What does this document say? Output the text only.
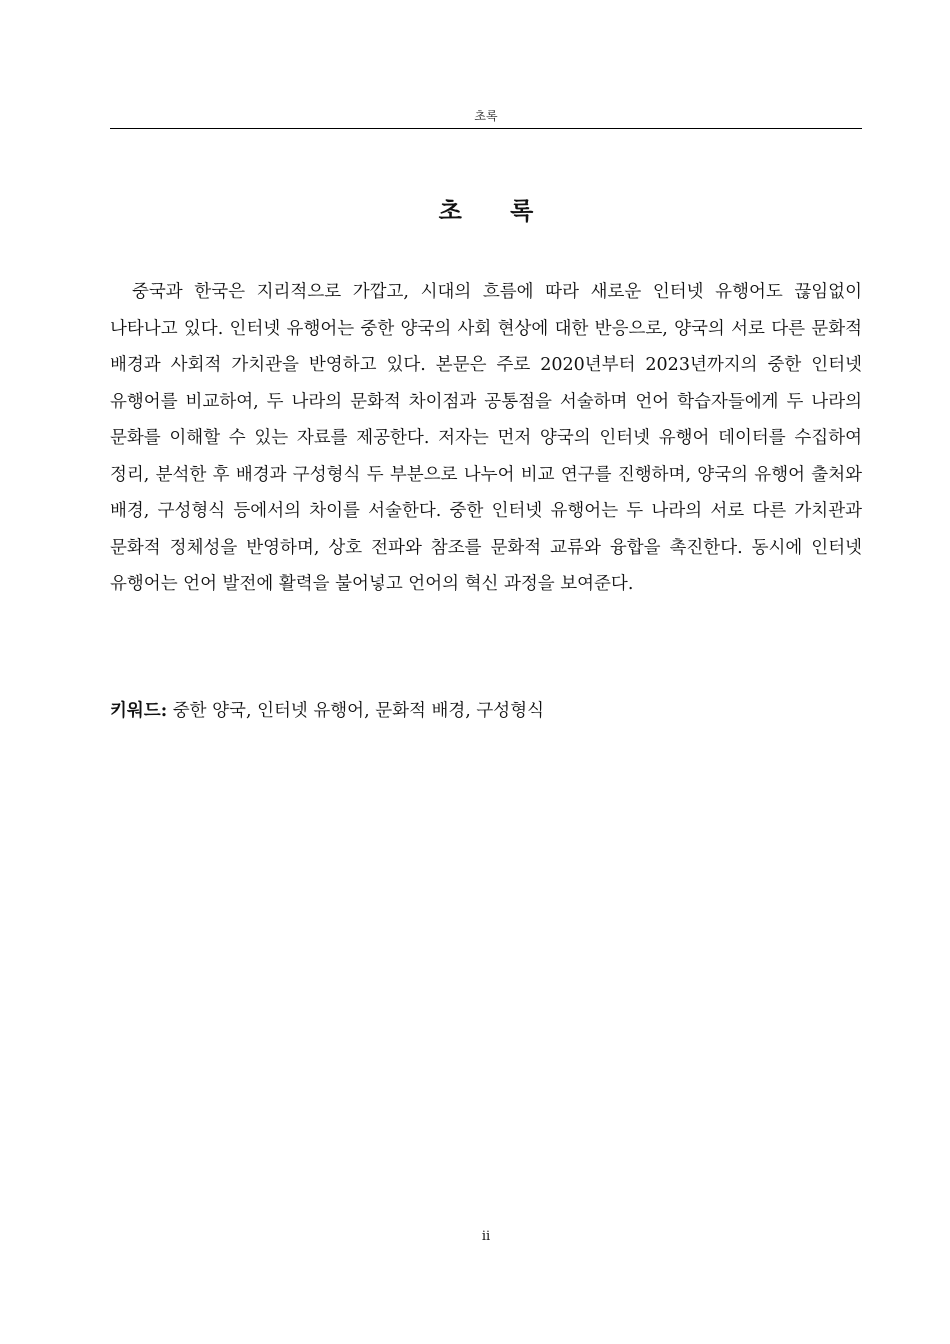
초록
초 록

중국과 한국은 지리적으로 가깝고, 시대의 흐름에 따라 새로운 인터넷 유행어도 끊임없이 나타나고 있다. 인터넷 유행어는 중한 양국의 사회 현상에 대한 반응으로, 양국의 서로 다른 문화적 배경과 사회적 가치관을 반영하고 있다. 본문은 주로 2020년부터 2023년까지의 중한 인터넷 유행어를 비교하여, 두 나라의 문화적 차이점과 공통점을 서술하며 언어 학습자들에게 두 나라의 문화를 이해할 수 있는 자료를 제공한다. 저자는 먼저 양국의 인터넷 유행어 데이터를 수집하여 정리, 분석한 후 배경과 구성형식 두 부분으로 나누어 비교 연구를 진행하며, 양국의 유행어 출처와 배경, 구성형식 등에서의 차이를 서술한다. 중한 인터넷 유행어는 두 나라의 서로 다른 가치관과 문화적 정체성을 반영하며, 상호 전파와 참조를 문화적 교류와 융합을 촉진한다. 동시에 인터넷 유행어는 언어 발전에 활력을 불어넣고 언어의 혁신 과정을 보여준다.

키워드: 중한 양국, 인터넷 유행어, 문화적 배경, 구성형식

ii
